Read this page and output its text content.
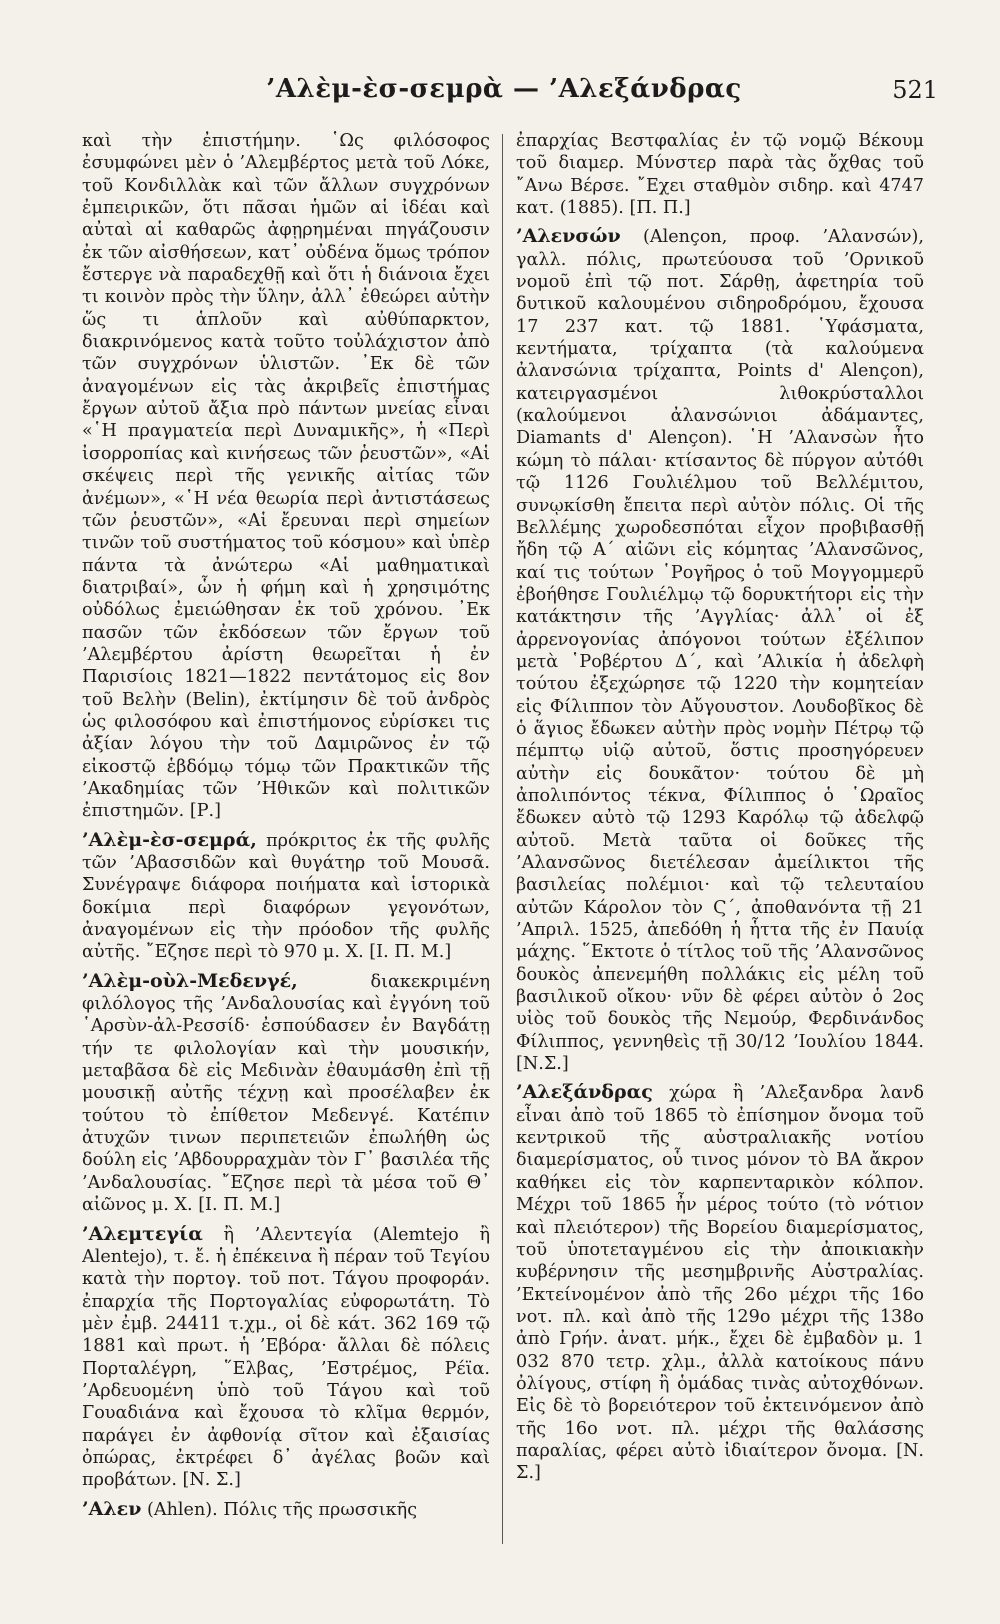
’Αλὲμ-ὲσ-σεμρὰ — ’Αλεξάνδρας	521

καὶ τὴν ἐπιστήμην. ῾Ως φιλόσοφος ἐσυμφώνει μὲν ὁ ’Αλεμβέρτος μετὰ τοῦ Λόκε, τοῦ Κονδιλλὰκ καὶ τῶν ἄλλων συγχρόνων ἐμπειρικῶν, ὅτι πᾶσαι ἡμῶν αἱ ἰδέαι καὶ αὐταὶ αἱ καθαρῶς ἀφῃρημέναι πηγάζουσιν ἐκ τῶν αἰσθήσεων, κατ᾿ οὐδένα ὅμως τρόπον ἔστεργε νὰ παραδεχθῇ καὶ ὅτι ἡ διάνοια ἔχει τι κοινὸν πρὸς τὴν ὕλην, ἀλλ᾿ ἐθεώρει αὐτὴν ὥς τι ἁπλοῦν καὶ αὐθύπαρκτον, διακρινόμενος κατὰ τοῦτο τοὐλάχιστον ἀπὸ τῶν συγχρόνων ὑλιστῶν. ᾿Εκ δὲ τῶν ἀναγομένων εἰς τὰς ἀκριβεῖς ἐπιστήμας ἔργων αὐτοῦ ἄξια πρὸ πάντων μνείας εἶναι «῾Η πραγματεία περὶ Δυναμικῆς», ἡ «Περὶ ἰσορροπίας καὶ κινήσεως τῶν ῥευστῶν», «Αἱ σκέψεις περὶ τῆς γενικῆς αἰτίας τῶν ἀνέμων», «῾Η νέα θεωρία περὶ ἀντιστάσεως τῶν ῥευστῶν», «Αἱ ἔρευναι περὶ σημείων τινῶν τοῦ συστήματος τοῦ κόσμου» καὶ ὑπὲρ πάντα τὰ ἀνώτερω «Αἱ μαθηματικαὶ διατριβαί», ὧν ἡ φήμη καὶ ἡ χρησιμότης οὐδόλως ἐμειώθησαν ἐκ τοῦ χρόνου. ᾿Εκ πασῶν τῶν ἐκδόσεων τῶν ἔργων τοῦ ’Αλεμβέρτου ἀρίστη θεωρεῖται ἡ ἐν Παρισίοις 1821—1822 πεντάτομος εἰς 8ον τοῦ Βελὴν (Belin), ἐκτίμησιν δὲ τοῦ ἀνδρὸς ὡς φιλοσόφου καὶ ἐπιστήμονος εὑρίσκει τις ἀξίαν λόγου τὴν τοῦ Δαμιρῶνος ἐν τῷ εἰκοστῷ ἑβδόμῳ τόμῳ τῶν Πρακτικῶν τῆς ’Ακαδημίας τῶν ’Ηθικῶν καὶ πολιτικῶν ἐπιστημῶν. [Ρ.]

’Αλὲμ-ὲσ-σεμρά, πρόκριτος ἐκ τῆς φυλῆς τῶν ’Αβασσιδῶν καὶ θυγάτηρ τοῦ Μουσᾶ. Συνέγραψε διάφορα ποιήματα καὶ ἱστορικὰ δοκίμια περὶ διαφόρων γεγονότων, ἀναγομένων εἰς τὴν πρόοδον τῆς φυλῆς αὐτῆς. ῎Εζησε περὶ τὸ 970 μ. Χ. [Ι. Π. Μ.]

’Αλὲμ-οὺλ-Μεδενγέ, διακεκριμένη φιλόλογος τῆς ’Ανδαλουσίας καὶ ἐγγόνη τοῦ ῾Αρσὺν-ἀλ-Ρεσσίδ· ἐσπούδασεν ἐν Βαγδάτῃ τήν τε φιλολογίαν καὶ τὴν μουσικήν, μεταβᾶσα δὲ εἰς Μεδινὰν ἐθαυμάσθη ἐπὶ τῇ μουσικῇ αὐτῆς τέχνῃ καὶ προσέλαβεν ἐκ τούτου τὸ ἐπίθετον Μεδενγέ. Κατέπιν ἀτυχῶν τινων περιπετειῶν ἐπωλήθη ὡς δούλη εἰς ’Αβδουρραχμὰν τὸν Γ᾿ βασιλέα τῆς ’Ανδαλουσίας. ῎Εζησε περὶ τὰ μέσα τοῦ Θ᾿ αἰῶνος μ. Χ. [Ι. Π. Μ.]

’Αλεμτεγία ἢ ’Αλεντεγία (Alemtejo ἢ Alentejo), τ. ἔ. ἡ ἐπέκεινα ἢ πέραν τοῦ Τεγίου κατὰ τὴν πορτογ. τοῦ ποτ. Τάγου προφοράν. ἐπαρχία τῆς Πορτογαλίας εὐφορωτάτη. Τὸ μὲν ἐμβ. 24411 τ.χμ., οἱ δὲ κάτ. 362 169 τῷ 1881 καὶ πρωτ. ἡ ’Εβόρα· ἄλλαι δὲ πόλεις Πορταλέγρη, ῞Ελβας, ’Εστρέμος, Ρέϊα. ’Αρδευομένη ὑπὸ τοῦ Τάγου καὶ τοῦ Γουαδιάνα καὶ ἔχουσα τὸ κλῖμα θερμόν, παράγει ἐν ἀφθονίᾳ σῖτον καὶ ἐξαισίας ὀπώρας, ἐκτρέφει δ᾿ ἀγέλας βοῶν καὶ προβάτων. [Ν. Σ.]

’Αλεν (Ahlen). Πόλις τῆς πρωσσικῆς

ἐπαρχίας Βεστφαλίας ἐν τῷ νομῷ Βέκουμ τοῦ διαμερ. Μύνστερ παρὰ τὰς ὄχθας τοῦ ῎Ανω Βέρσε. ῎Εχει σταθμὸν σιδηρ. καὶ 4747 κατ. (1885). [Π. Π.]

’Αλενσών (Alençon, προφ. ’Αλανσών), γαλλ. πόλις, πρωτεύουσα τοῦ ’Ορνικοῦ νομοῦ ἐπὶ τῷ ποτ. Σάρθῃ, ἀφετηρία τοῦ δυτικοῦ καλουμένου σιδηροδρόμου, ἔχουσα 17 237 κατ. τῷ 1881. ῾Υφάσματα, κεντήματα, τρίχαπτα (τὰ καλούμενα ἀλανσώνια τρίχαπτα, Points d' Alençon), κατειργασμένοι λιθοκρύσταλλοι (καλούμενοι ἀλανσώνιοι ἀδάμαντες, Diamants d' Alençon). ῾Η ’Αλανσὼν ἦτο κώμη τὸ πάλαι· κτίσαντος δὲ πύργον αὐτόθι τῷ 1126 Γουλιέλμου τοῦ Βελλέμιτου, συνῳκίσθη ἔπειτα περὶ αὐτὸν πόλις. Οἱ τῆς Βελλέμης χωροδεσπόται εἶχον προβιβασθῇ ἤδη τῷ Α΄ αἰῶνι εἰς κόμητας ’Αλανσῶνος, καί τις τούτων ῾Ρογῆρος ὁ τοῦ Μογγομμερῦ ἐβοήθησε Γουλιέλμῳ τῷ δορυκτήτορι εἰς τὴν κατάκτησιν τῆς ’Αγγλίας· ἀλλ᾿ οἱ ἐξ ἀρρενογονίας ἀπόγονοι τούτων ἐξέλιπον μετὰ ῾Ροβέρτου Δ΄, καὶ ’Αλικία ἡ ἀδελφὴ τούτου ἐξεχώρησε τῷ 1220 τὴν κομητείαν εἰς Φίλιππον τὸν Αὔγουστον. Λουδοβῖκος δὲ ὁ ἅγιος ἔδωκεν αὐτὴν πρὸς νομὴν Πέτρῳ τῷ πέμπτῳ υἱῷ αὐτοῦ, ὅστις προσηγόρευεν αὐτὴν εἰς δουκᾶτον· τούτου δὲ μὴ ἀπολιπόντος τέκνα, Φίλιππος ὁ ῾Ωραῖος ἔδωκεν αὐτὸ τῷ 1293 Καρόλῳ τῷ ἀδελφῷ αὐτοῦ. Μετὰ ταῦτα οἱ δοῦκες τῆς ’Αλανσῶνος διετέλεσαν ἀμείλικτοι τῆς βασιλείας πολέμιοι· καὶ τῷ τελευταίου αὐτῶν Κάρολον τὸν Ϛ΄, ἀποθανόντα τῇ 21 ’Απριλ. 1525, ἀπεδόθη ἡ ἧττα τῆς ἐν Παυίᾳ μάχης. ῞Εκτοτε ὁ τίτλος τοῦ τῆς ’Αλανσῶνος δουκὸς ἀπενεμήθη πολλάκις εἰς μέλη τοῦ βασιλικοῦ οἴκου· νῦν δὲ φέρει αὐτὸν ὁ 2ος υἱὸς τοῦ δουκὸς τῆς Νεμούρ, Φερδινάνδος Φίλιππος, γεννηθεὶς τῇ 30/12 ’Ιουλίου 1844. [Ν.Σ.]

’Αλεξάνδρας χώρα ἢ ’Αλεξανδρα λανδ εἶναι ἀπὸ τοῦ 1865 τὸ ἐπίσημον ὄνομα τοῦ κεντρικοῦ τῆς αὐστραλιακῆς νοτίου διαμερίσματος, οὗ τινος μόνον τὸ ΒΑ ἄκρον καθήκει εἰς τὸν καρπενταρικὸν κόλπον. Μέχρι τοῦ 1865 ἦν μέρος τούτο (τὸ νότιον καὶ πλειότερον) τῆς Βορείου διαμερίσματος, τοῦ ὑποτεταγμένου εἰς τὴν ἀποικιακὴν κυβέρνησιν τῆς μεσημβρινῆς Αὐστραλίας. ’Εκτείνομένον ἀπὸ τῆς 26ο μέχρι τῆς 16ο νοτ. πλ. καὶ ἀπὸ τῆς 129ο μέχρι τῆς 138ο ἀπὸ Γρήν. ἀνατ. μήκ., ἔχει δὲ ἐμβαδὸν μ. 1 032 870 τετρ. χλμ., ἀλλὰ κατοίκους πάνυ ὀλίγους, στίφη ἢ ὁμάδας τινὰς αὐτοχθόνων. Εἰς δὲ τὸ βορειότερον τοῦ ἐκτεινόμενον ἀπὸ τῆς 16ο νοτ. πλ. μέχρι τῆς θαλάσσης παραλίας, φέρει αὐτὸ ἰδιαίτερον ὄνομα. [Ν. Σ.]
